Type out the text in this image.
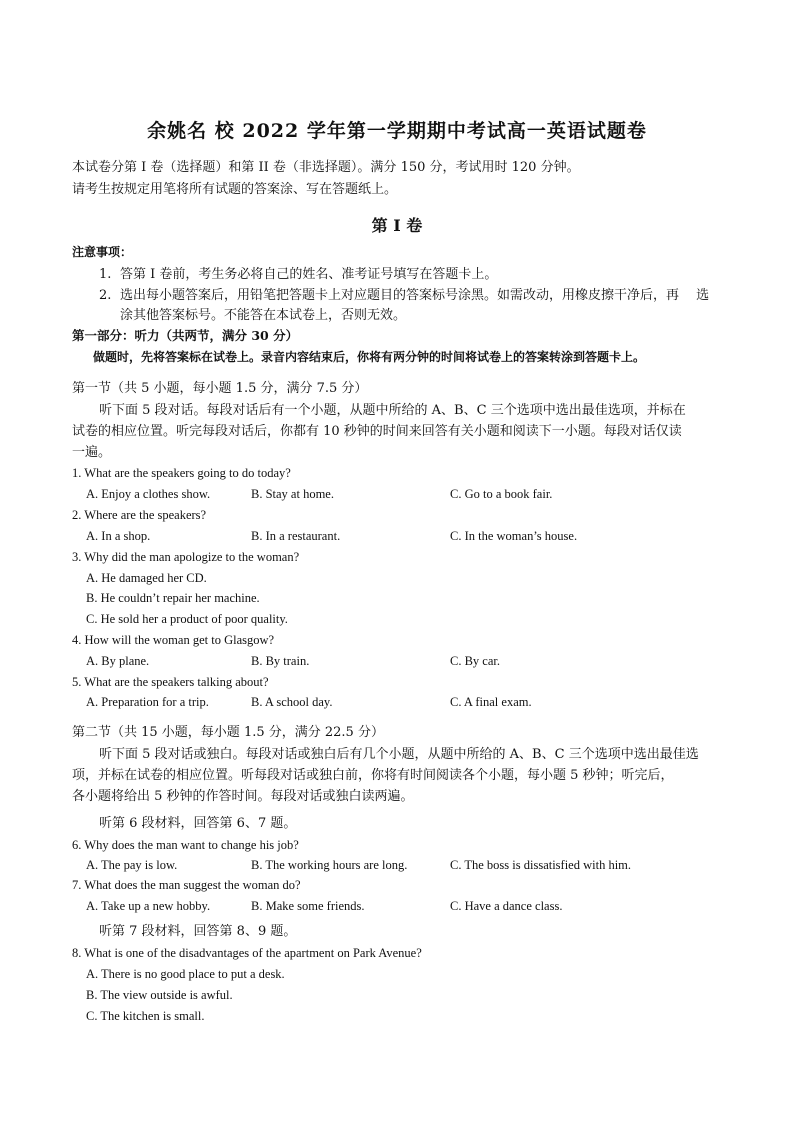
余姚名 校 2022 学年第一学期期中考试高一英语试题卷
本试卷分第 I 卷（选择题）和第 II 卷（非选择题）。满分 150 分，考试用时 120 分钟。
请考生按规定用笔将所有试题的答案涂、写在答题纸上。
第 I 卷
注意事项：
1. 答第 I 卷前，考生务必将自己的姓名、准考证号填写在答题卡上。
2. 选出每小题答案后，用铅笔把答题卡上对应题目的答案标号涂黑。如需改动，用橡皮擦干净后，再　 选
涂其他答案标号。不能答在本试卷上，否则无效。
第一部分：听力（共两节，满分 30 分）
做题时，先将答案标在试卷上。录音内容结束后，你将有两分钟的时间将试卷上的答案转涂到答题卡上。
第一节（共 5 小题，每小题 1.5 分，满分 7.5 分）
听下面 5 段对话。每段对话后有一个小题，从题中所给的 A、B、C 三个选项中选出最佳选项，并标在
试卷的相应位置。听完每段对话后，你都有 10 秒钟的时间来回答有关小题和阅读下一小题。每段对话仅读
一遍。
1. What are the speakers going to do today?
A. Enjoy a clothes show.	B. Stay at home.	C. Go to a book fair.
2. Where are the speakers?
A. In a shop.	B. In a restaurant.	C. In the woman’s house.
3. Why did the man apologize to the woman?
A. He damaged her CD.
B. He couldn’t repair her machine.
C. He sold her a product of poor quality.
4. How will the woman get to Glasgow?
A. By plane.	B. By train.	C. By car.
5. What are the speakers talking about?
A. Preparation for a trip.	B. A school day.	C. A final exam.
第二节（共 15 小题，每小题 1.5 分，满分 22.5 分）
听下面 5 段对话或独白。每段对话或独白后有几个小题，从题中所给的 A、B、C 三个选项中选出最佳选
项，并标在试卷的相应位置。听每段对话或独白前，你将有时间阅读各个小题，每小题 5 秒钟；听完后，
各小题将给出 5 秒钟的作答时间。每段对话或独白读两遍。
听第 6 段材料，回答第 6、7 题。
6. Why does the man want to change his job?
A. The pay is low.	B. The working hours are long.	C. The boss is dissatisfied with him.
7. What does the man suggest the woman do?
A. Take up a new hobby.	B. Make some friends.	C. Have a dance class.
听第 7 段材料，回答第 8、9 题。
8. What is one of the disadvantages of the apartment on Park Avenue?
A. There is no good place to put a desk.
B. The view outside is awful.
C. The kitchen is small.
